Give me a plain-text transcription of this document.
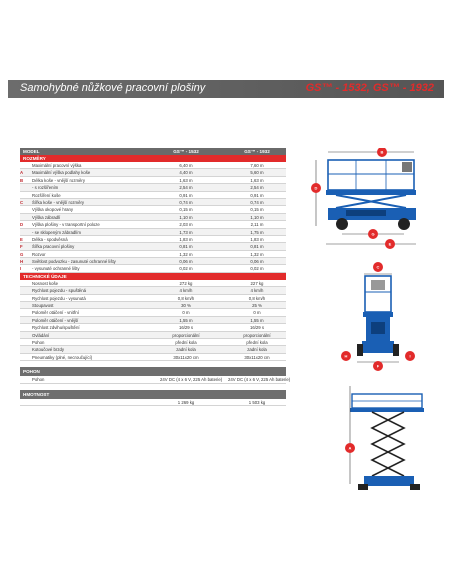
Samohybné nůžkové pracovní plošiny	GS™ - 1532, GS™ - 1932
MODEL	GS™ - 1532	GS™ - 1932
ROZMĚRY
Maximální pracovní výška	6,40 m	7,60 m
A	Maximální výška podlahy koše	4,40 m	5,60 m
B	Délka koše - vnější rozměry	1,63 m	1,63 m
- s rozšířením	2,54 m	2,54 m
Rozšíření koše	0,91 m	0,91 m
C	Šířka koše - vnější rozměry	0,74 m	0,74 m
Výška okopové hrany	0,15 m	0,15 m
Výška zábradlí	1,10 m	1,10 m
D	Výška plošiny - v transportní poloze	2,03 m	2,11 m
- se sklopeným zábradlím	1,73 m	1,75 m
E	Délka - spodvěsná	1,83 m	1,83 m
F	Šířka pracovní plošiny	0,81 m	0,81 m
G	Rozvor	1,32 m	1,32 m
H	Světlost podvozku - zasunuté ochranné lišty	0,06 m	0,06 m
I	- vysunuté ochranné lišty	0,02 m	0,02 m
TECHNICKÉ ÚDAJE
Nosnost koše	272 kg	227 kg
Rychlost pojezdu - spuštěná	4 km/h	4 km/h
Rychlost pojezdu - vysunutá	0,8 km/h	0,8 km/h
Stoupavost	30 %	25 %
Poloměr otáčení - vnitřní	0 m	0 m
Poloměr otáčení - vnější	1,55 m	1,55 m
Rychlost zdvihu/spuštění	16/29 s	16/29 s
Ovládání	proporcionální	proporcionální
Pohon	přední kola	přední kola
Kotoučové brzdy	zadní kola	zadní kola
Pneumatiky (plné, necroučující)	30x11x20 cm	30x11x20 cm
POHON
Pohon	24V DC (4 x 6 V, 225 Ah baterie) 24V DC (4 x 6 V, 225 Ah baterie)
HMOTNOST
1 269 kg	1 503 kg
B
D
G
E
C
H	I
F
A
